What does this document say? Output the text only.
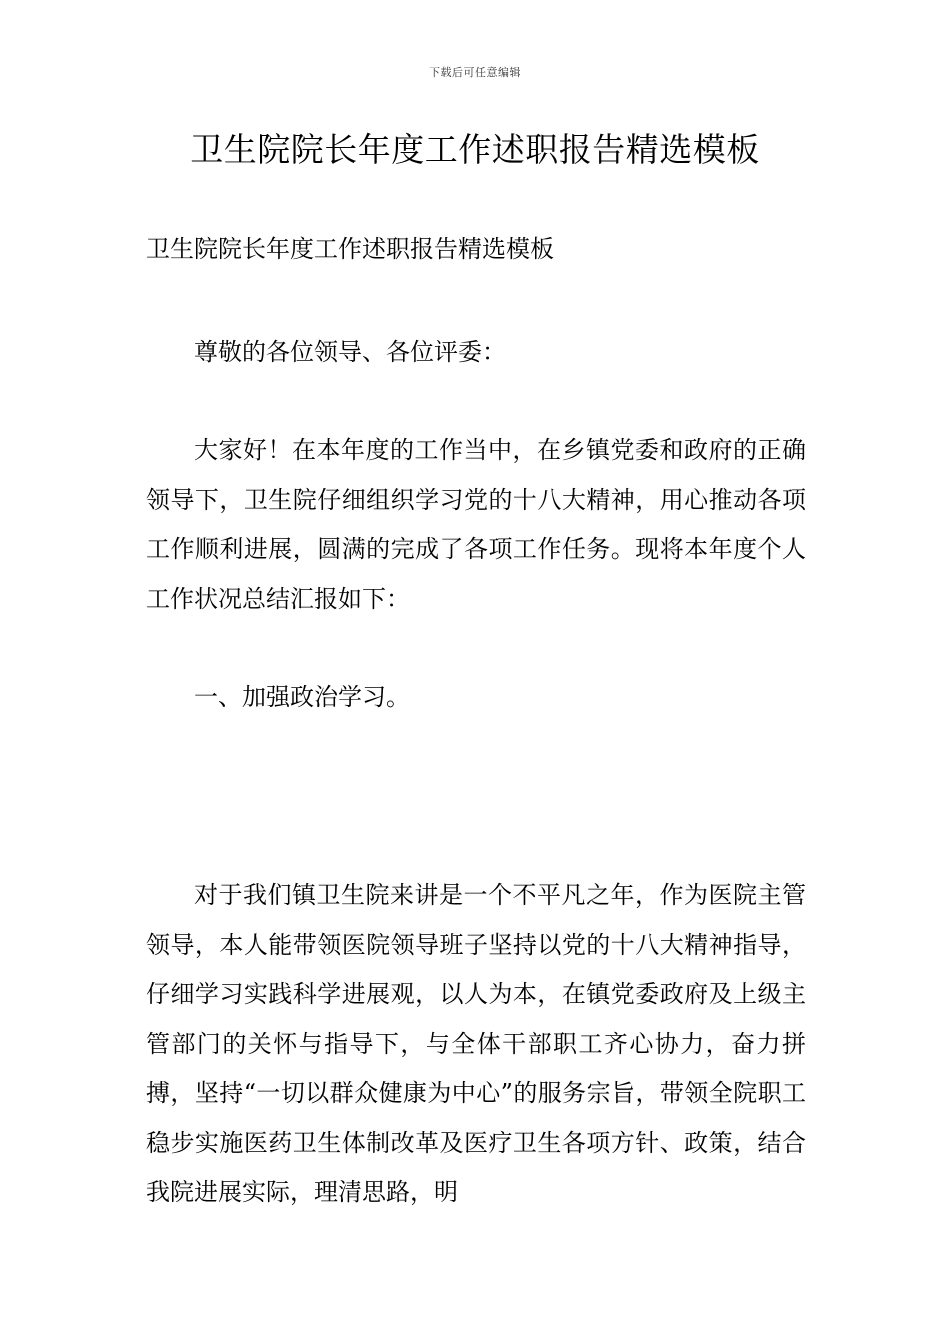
下载后可任意编辑
卫生院院长年度工作述职报告精选模板

卫生院院长年度工作述职报告精选模板

尊敬的各位领导、各位评委：

大家好！在本年度的工作当中，在乡镇党委和政府的正确领导下，卫生院仔细组织学习党的十八大精神，用心推动各项工作顺利进展，圆满的完成了各项工作任务。现将本年度个人工作状况总结汇报如下：

一、加强政治学习。

对于我们镇卫生院来讲是一个不平凡之年，作为医院主管领导，本人能带领医院领导班子坚持以党的十八大精神指导，仔细学习实践科学进展观，以人为本，在镇党委政府及上级主管部门的关怀与指导下，与全体干部职工齐心协力，奋力拼搏，坚持“一切以群众健康为中心”的服务宗旨，带领全院职工稳步实施医药卫生体制改革及医疗卫生各项方针、政策，结合我院进展实际，理清思路，明
